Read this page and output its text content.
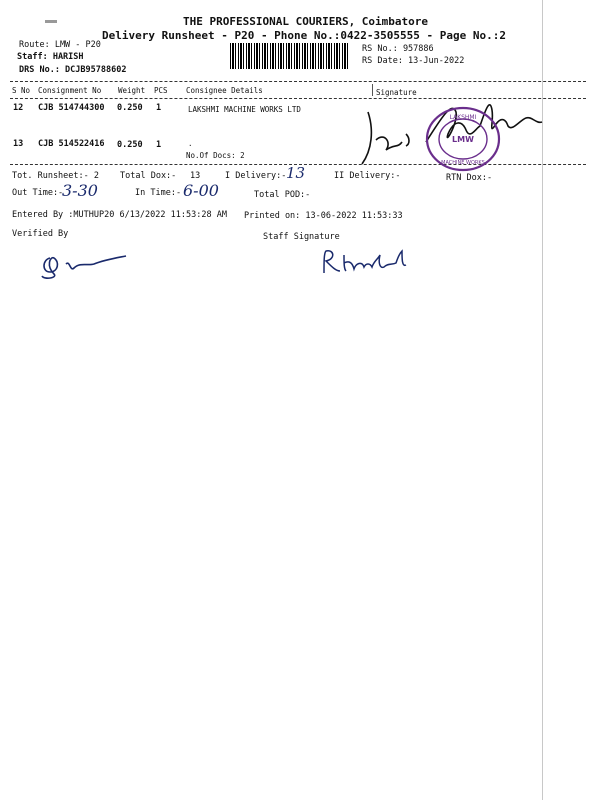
THE PROFESSIONAL COURIERS, Coimbatore
Delivery Runsheet - P20 - Phone No.:0422-3505555 - Page No.:2
Route: LMW - P20
Staff: HARISH
DRS No.: DCJB95788602
RS No.: 957886
RS Date: 13-Jun-2022
S No Consignment No Weight PCS Consignee Details	Signature
12 CJB 514744300 0.250 1	LAKSHMI MACHINE WORKS LTD
13 CJB 514522416 0.250 1	.
No.Of Docs: 2
LAKSHMI
LMW
MACHINE WORKS
Tot. Runsheet:- 2 Total Dox:- 13	I Delivery:- 13	II Delivery:-	RTN Dox:-
Out Time:-
3-30	In Time:- 6-00	Total POD:-
Entered By :MUTHUP20 6/13/2022 11:53:28 AM Printed on: 13-06-2022 11:53:33
Verified By	Staff Signature
